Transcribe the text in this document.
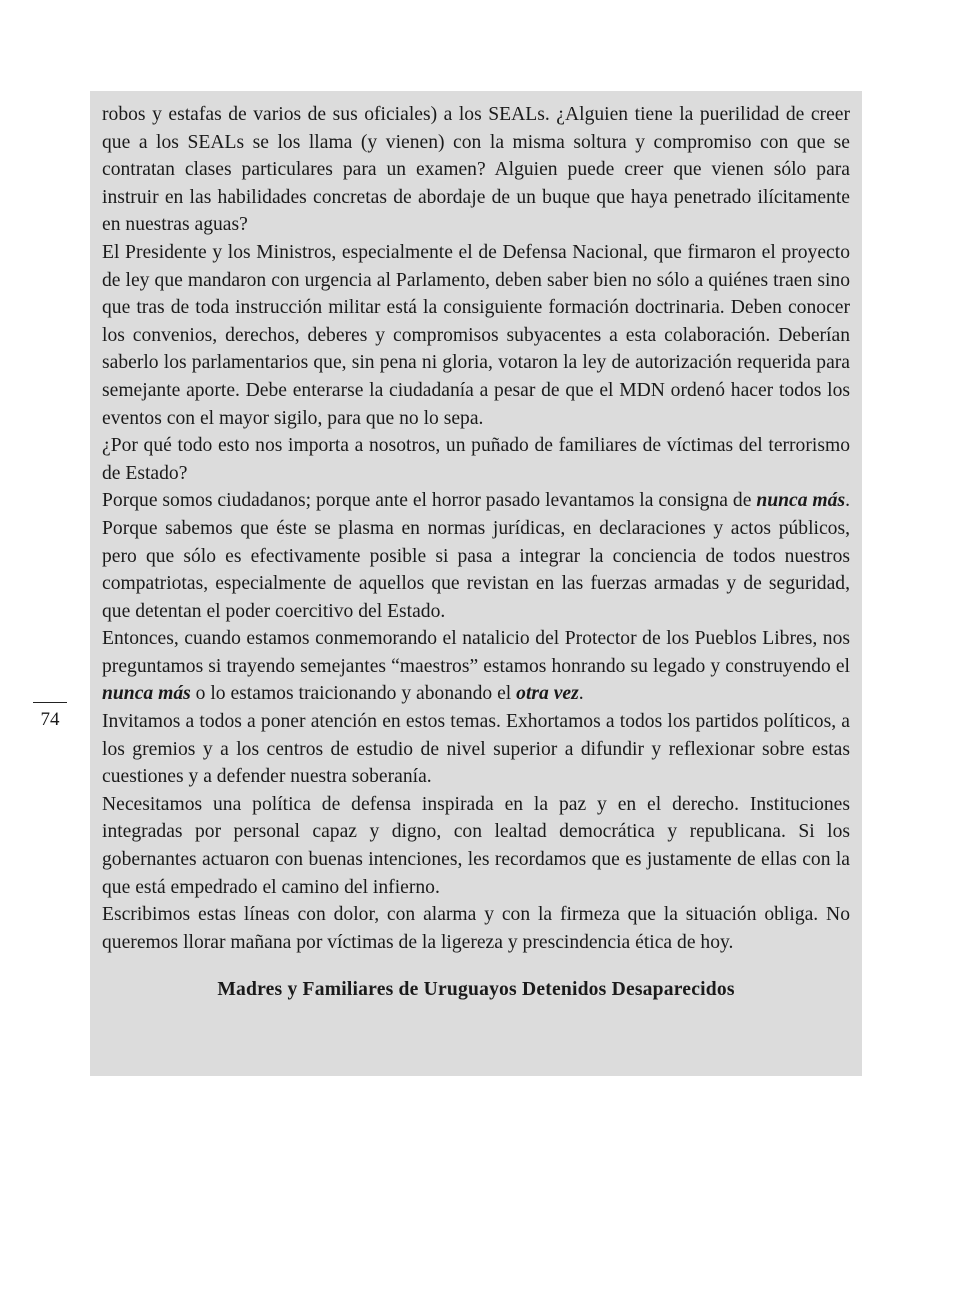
74

robos y estafas de varios de sus oficiales) a los SEALs. ¿Alguien tiene la puerilidad de creer que a los SEALs se los llama (y vienen) con la misma soltura y compromiso con que se contratan clases particulares para un examen? Alguien puede creer que vienen sólo para instruir en las habilidades concretas de abordaje de un buque que haya penetrado ilícitamente en nuestras aguas?

El Presidente y los Ministros, especialmente el de Defensa Nacional, que firmaron el proyecto de ley que mandaron con urgencia al Parlamento, deben saber bien no sólo a quiénes traen sino que tras de toda instrucción militar está la consiguiente formación doctrinaria. Deben conocer los convenios, derechos, deberes y compromisos subyacentes a esta colaboración. Deberían saberlo los parlamentarios que, sin pena ni gloria, votaron la ley de autorización requerida para semejante aporte. Debe enterarse la ciudadanía a pesar de que el MDN ordenó hacer todos los eventos con el mayor sigilo, para que no lo sepa.

¿Por qué todo esto nos importa a nosotros, un puñado de familiares de víctimas del terrorismo de Estado?

Porque somos ciudadanos; porque ante el horror pasado levantamos la consigna de nunca más. Porque sabemos que éste se plasma en normas jurídicas, en declaraciones y actos públicos, pero que sólo es efectivamente posible si pasa a integrar la conciencia de todos nuestros compatriotas, especialmente de aquellos que revistan en las fuerzas armadas y de seguridad, que detentan el poder coercitivo del Estado.

Entonces, cuando estamos conmemorando el natalicio del Protector de los Pueblos Libres, nos preguntamos si trayendo semejantes “maestros” estamos honrando su legado y construyendo el nunca más o lo estamos traicionando y abonando el otra vez.

Invitamos a todos a poner atención en estos temas. Exhortamos a todos los partidos políticos, a los gremios y a los centros de estudio de nivel superior a difundir y reflexionar sobre estas cuestiones y a defender nuestra soberanía.

Necesitamos una política de defensa inspirada en la paz y en el derecho. Instituciones integradas por personal capaz y digno, con lealtad democrática y republicana. Si los gobernantes actuaron con buenas intenciones, les recordamos que es justamente de ellas con la que está empedrado el camino del infierno.

Escribimos estas líneas con dolor, con alarma y con la firmeza que la situación obliga. No queremos llorar mañana por víctimas de la ligereza y prescindencia ética de hoy.

Madres y Familiares de Uruguayos Detenidos Desaparecidos
